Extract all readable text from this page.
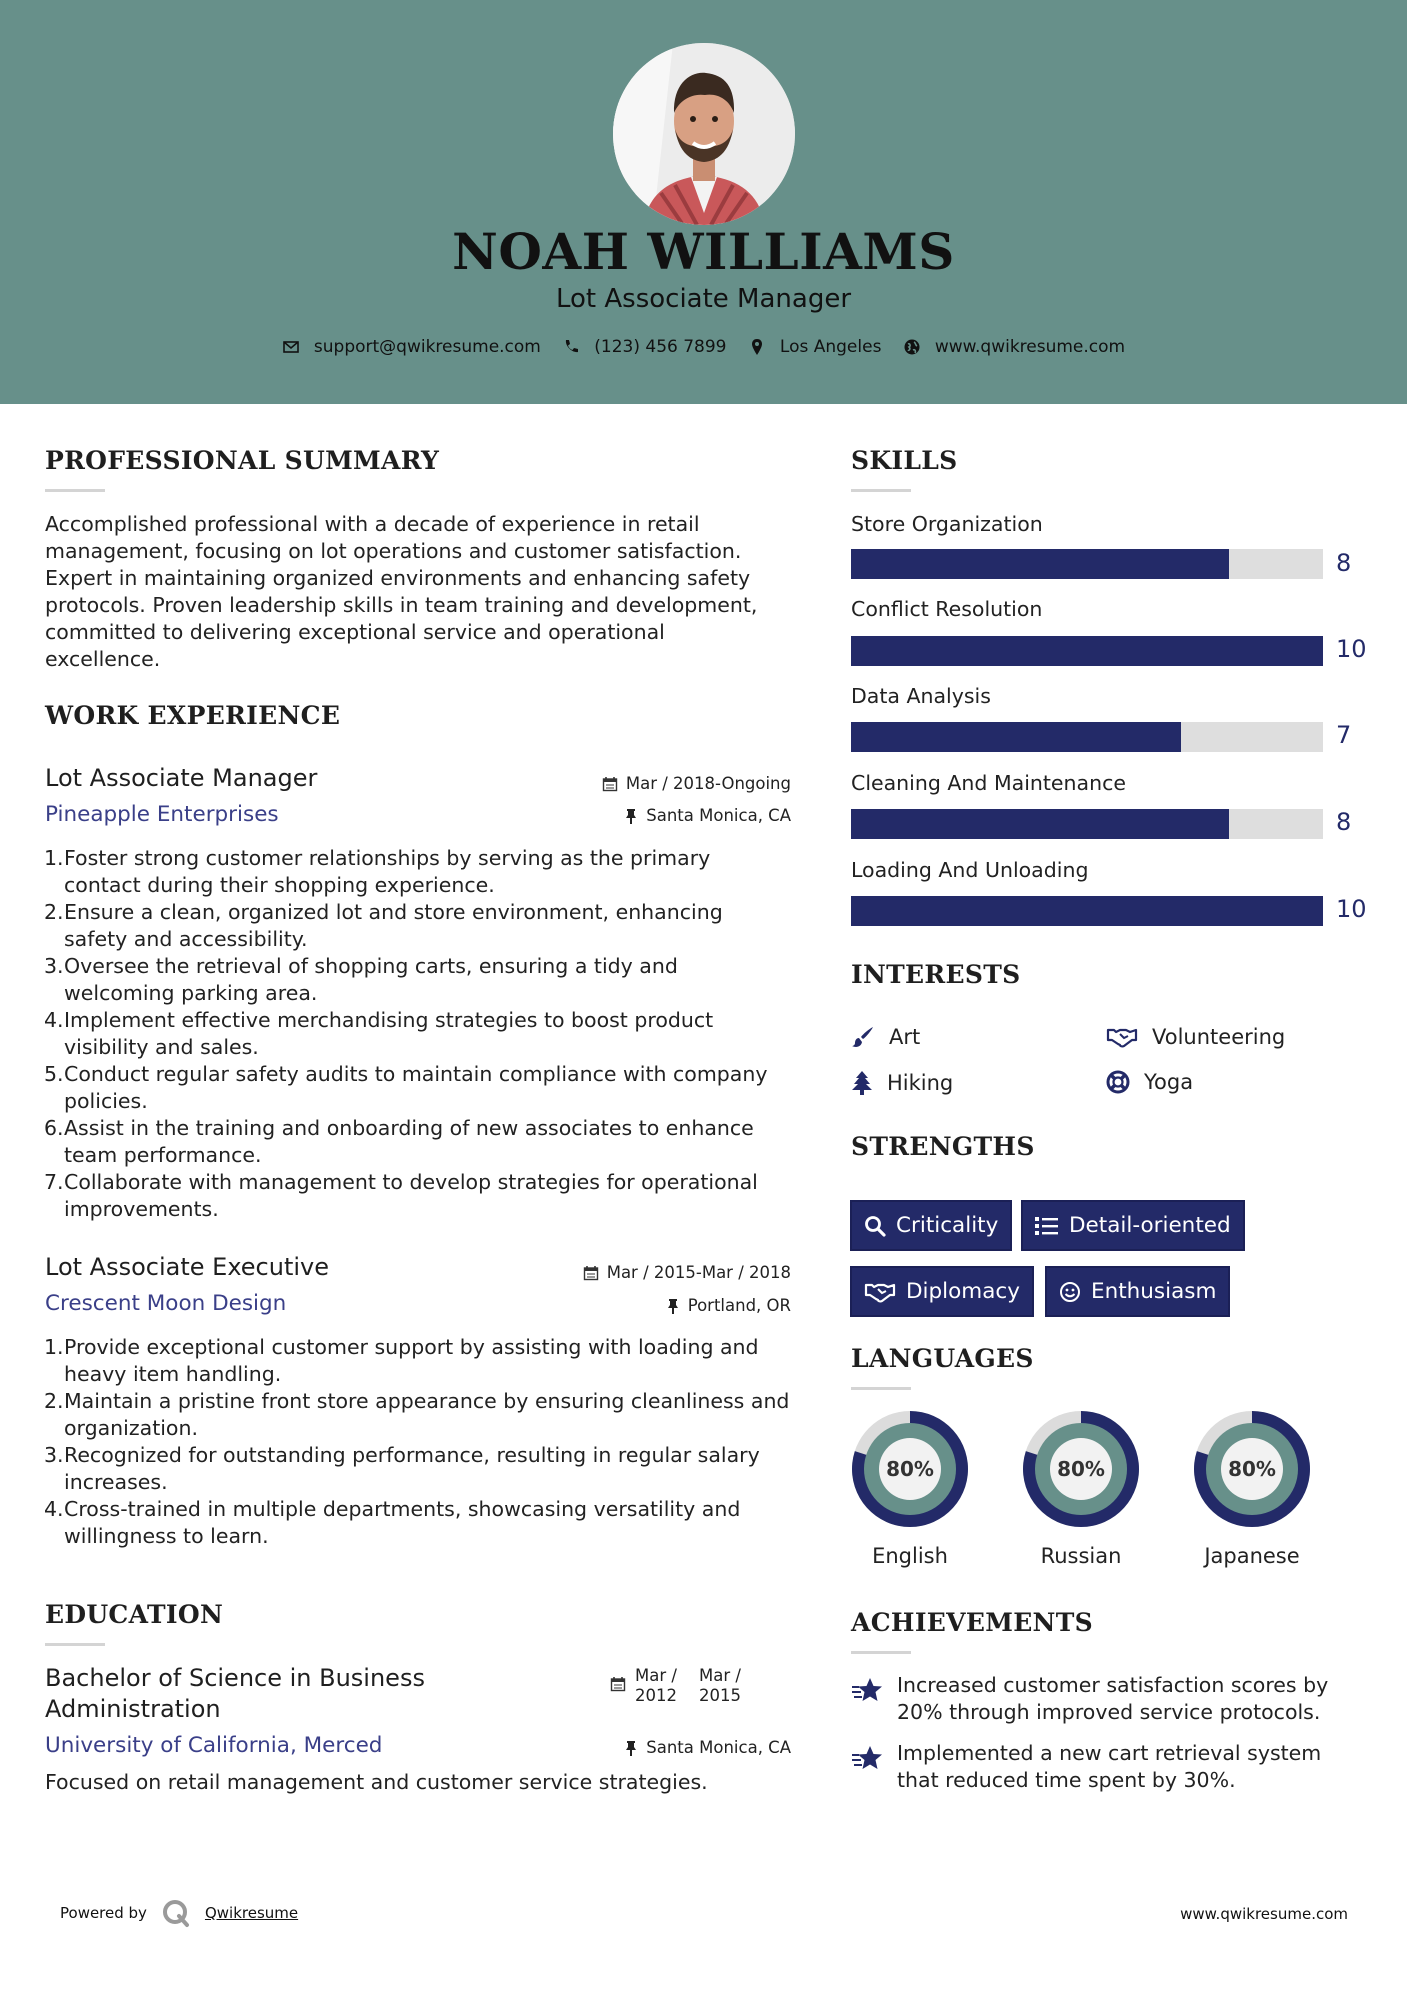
NOAH WILLIAMS
Lot Associate Manager
support@qwikresume.com
	(123) 456 7899
	Los Angeles
	www.qwikresume.com
PROFESSIONAL SUMMARY
Accomplished professional with a decade of experience in retail management, focusing on lot operations and customer satisfaction. Expert in maintaining organized environments and enhancing safety protocols. Proven leadership skills in team training and development, committed to delivering exceptional service and operational excellence.
WORK EXPERIENCE
Lot Associate Manager	Mar / 2018-Ongoing
Pineapple Enterprises	Santa Monica, CA
Foster strong customer relationships by serving as the primary contact during their shopping experience.
Ensure a clean, organized lot and store environment, enhancing safety and accessibility.
Oversee the retrieval of shopping carts, ensuring a tidy and welcoming parking area.
Implement effective merchandising strategies to boost product visibility and sales.
Conduct regular safety audits to maintain compliance with company policies.
Assist in the training and onboarding of new associates to enhance team performance.
Collaborate with management to develop strategies for operational improvements.
Lot Associate Executive	Mar / 2015-Mar / 2018
Crescent Moon Design	Portland, OR
Provide exceptional customer support by assisting with loading and heavy item handling.
Maintain a pristine front store appearance by ensuring cleanliness and organization.
Recognized for outstanding performance, resulting in regular salary increases.
Cross-trained in multiple departments, showcasing versatility and willingness to learn.
EDUCATION
Bachelor of Science in Business Administration
Mar /
2012
Mar /
2015
University of California, Merced	Santa Monica, CA
Focused on retail management and customer service strategies.
SKILLS
Store Organization
8
Conflict Resolution
10
Data Analysis
7
Cleaning And Maintenance
8
Loading And Unloading
10
INTERESTS
Art	Volunteering
Hiking	Yoga
STRENGTHS
Criticality	Detail-oriented
Diplomacy	Enthusiasm
LANGUAGES
80%
English
80%
Russian
80%
Japanese
ACHIEVEMENTS
Increased customer satisfaction scores by 20% through improved service protocols.
Implemented a new cart retrieval system that reduced time spent by 30%.
Powered by	Qwikresume	www.qwikresume.com
